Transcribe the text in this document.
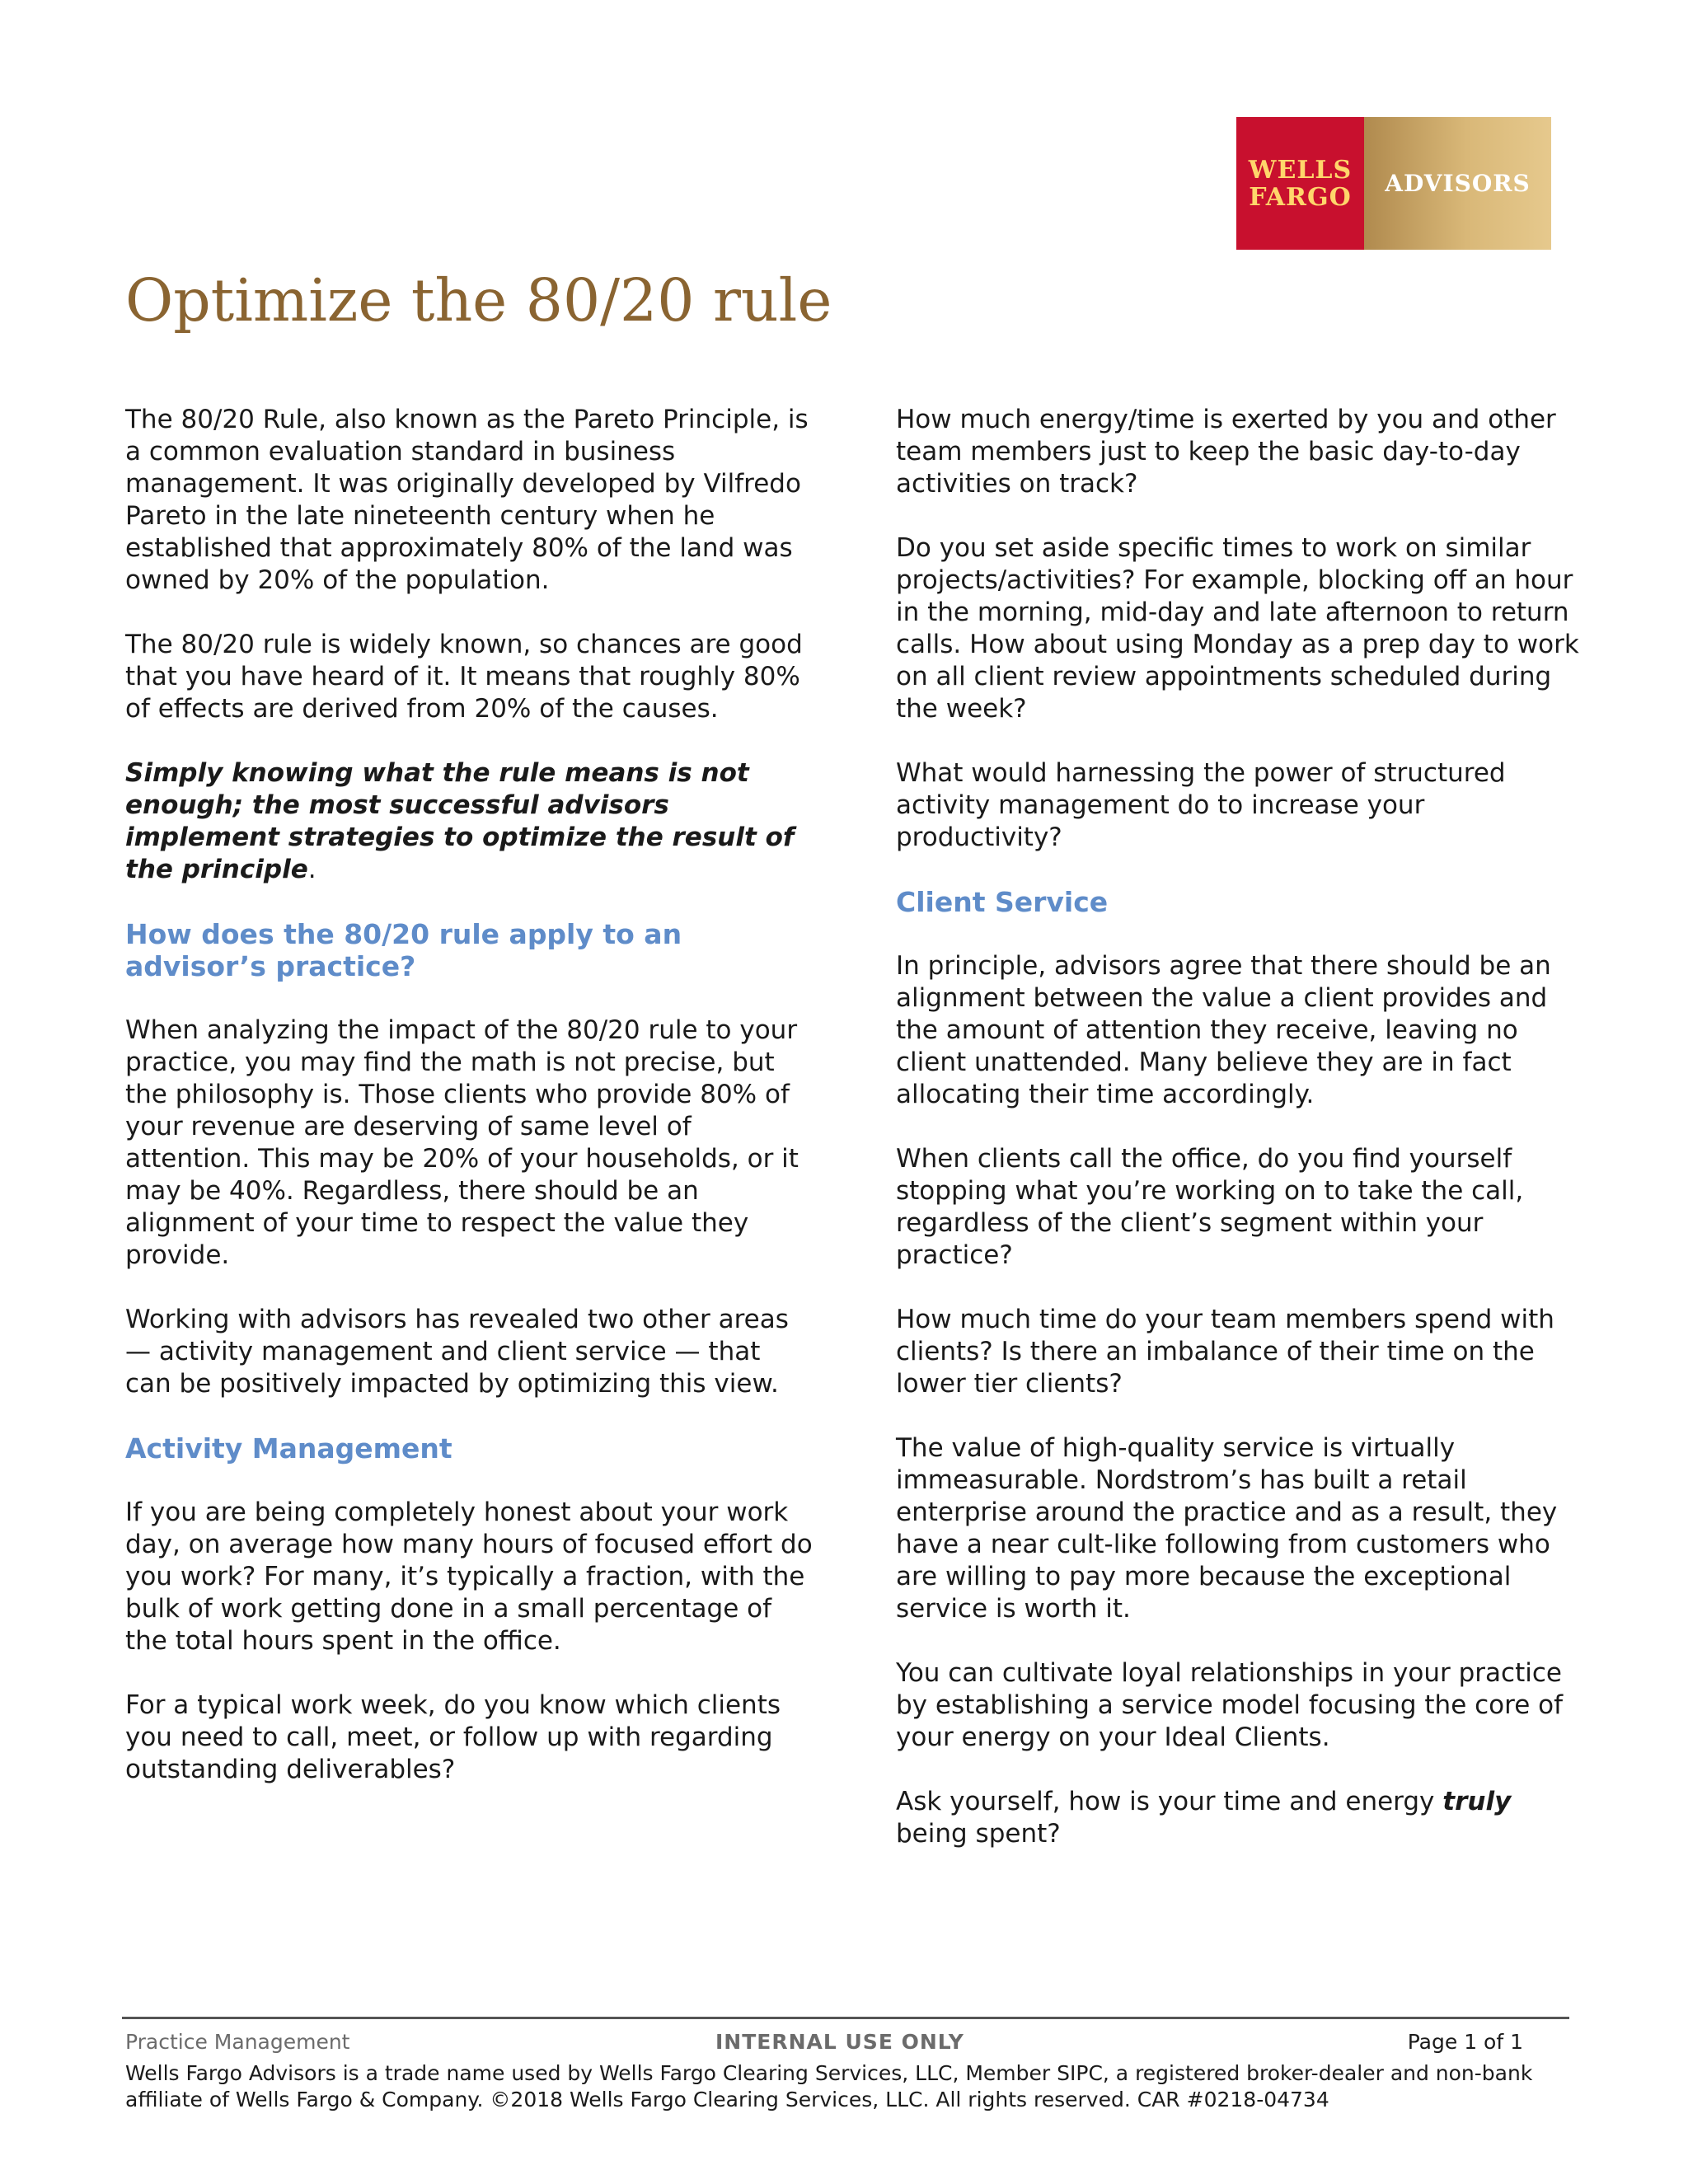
WELLS
FARGO ADVISORS
Optimize the 80/20 rule

The 80/20 Rule, also known as the Pareto Principle, is a common evaluation standard in business management. It was originally developed by Vilfredo Pareto in the late nineteenth century when he established that approximately 80% of the land was owned by 20% of the population.

The 80/20 rule is widely known, so chances are good that you have heard of it. It means that roughly 80% of effects are derived from 20% of the causes.

Simply knowing what the rule means is not enough; the most successful advisors implement strategies to optimize the result of the principle.

How does the 80/20 rule apply to an advisor’s practice?

When analyzing the impact of the 80/20 rule to your practice, you may find the math is not precise, but the philosophy is. Those clients who provide 80% of your revenue are deserving of same level of attention. This may be 20% of your households, or it may be 40%. Regardless, there should be an alignment of your time to respect the value they provide.

Working with advisors has revealed two other areas — activity management and client service — that can be positively impacted by optimizing this view.

Activity Management

If you are being completely honest about your work day, on average how many hours of focused effort do you work? For many, it’s typically a fraction, with the bulk of work getting done in a small percentage of the total hours spent in the office.

For a typical work week, do you know which clients you need to call, meet, or follow up with regarding outstanding deliverables?

How much energy/time is exerted by you and other team members just to keep the basic day-to-day activities on track?

Do you set aside specific times to work on similar projects/activities? For example, blocking off an hour in the morning, mid-day and late afternoon to return calls. How about using Monday as a prep day to work on all client review appointments scheduled during the week?

What would harnessing the power of structured activity management do to increase your productivity?

Client Service

In principle, advisors agree that there should be an alignment between the value a client provides and the amount of attention they receive, leaving no client unattended. Many believe they are in fact allocating their time accordingly.

When clients call the office, do you find yourself stopping what you’re working on to take the call, regardless of the client’s segment within your practice?

How much time do your team members spend with clients? Is there an imbalance of their time on the lower tier clients?

The value of high-quality service is virtually immeasurable. Nordstrom’s has built a retail enterprise around the practice and as a result, they have a near cult-like following from customers who are willing to pay more because the exceptional service is worth it.

You can cultivate loyal relationships in your practice by establishing a service model focusing the core of your energy on your Ideal Clients.

Ask yourself, how is your time and energy truly being spent?

Practice Management	INTERNAL USE ONLY	Page 1 of 1

Wells Fargo Advisors is a trade name used by Wells Fargo Clearing Services, LLC, Member SIPC, a registered broker-dealer and non-bank affiliate of Wells Fargo & Company. ©2018 Wells Fargo Clearing Services, LLC. All rights reserved. CAR #0218-04734
